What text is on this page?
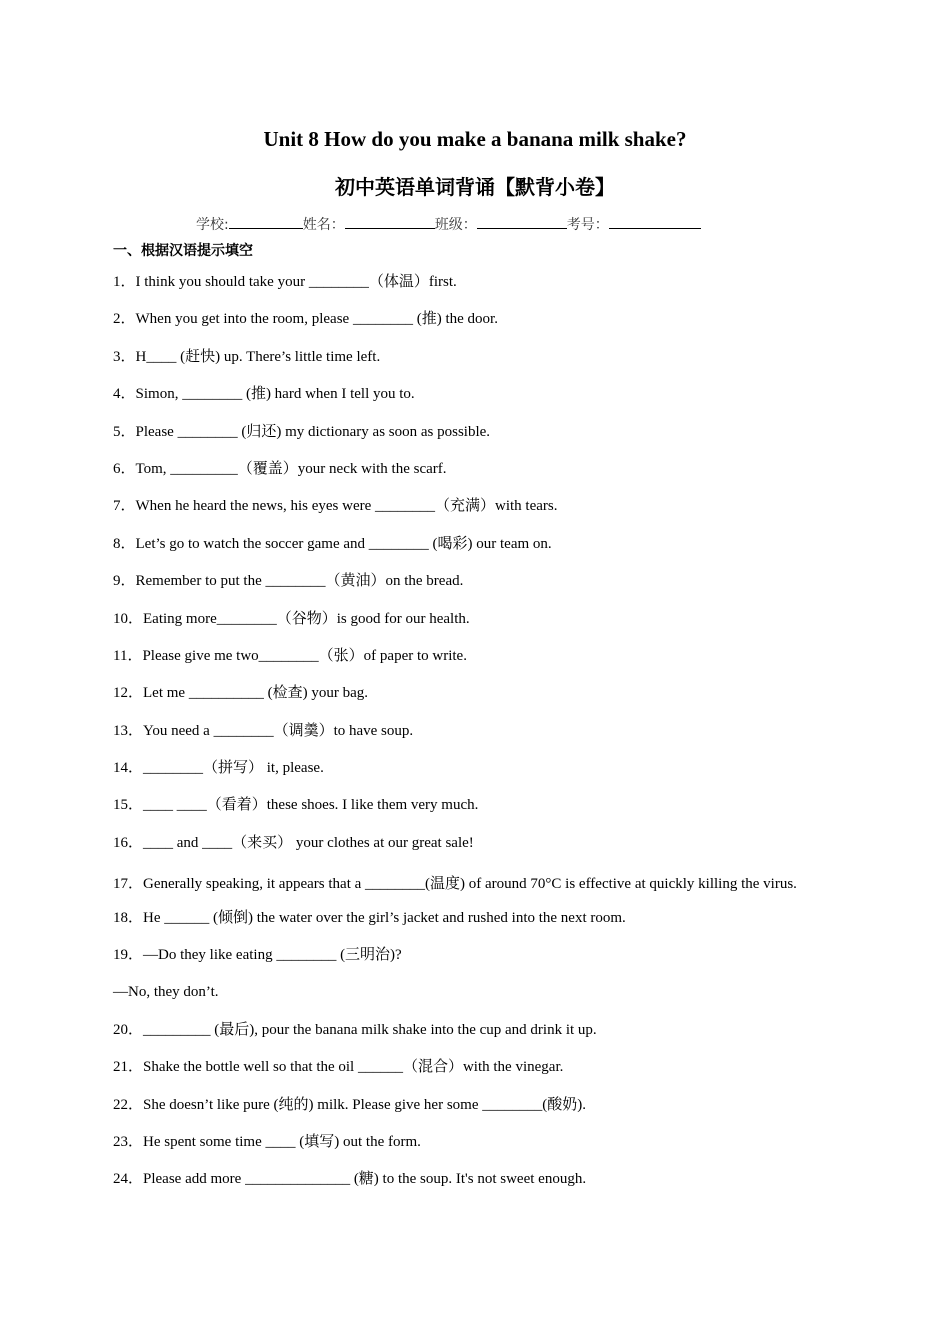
Unit 8 How do you make a banana milk shake?
初中英语单词背诵【默背小卷】
学校:	姓名：	班级：	考号：
一、根据汉语提示填空
1．I think you should take your ________（体温）first.
2．When you get into the room, please ________ (推) the door.
3．H____ (赶快) up. There’s little time left.
4．Simon, ________ (推) hard when I tell you to.
5．Please ________ (归还) my dictionary as soon as possible.
6．Tom, _________（覆盖）your neck with the scarf.
7．When he heard the news, his eyes were ________（充满）with tears.
8．Let’s go to watch the soccer game and ________ (喝彩) our team on.
9．Remember to put the ________（黄油）on the bread.
10．Eating more________（谷物）is good for our health.
11．Please give me two________（张）of paper to write.
12．Let me __________ (检查) your bag.
13．You need a ________（调羹）to have soup.
14．________（拼写） it, please.
15．____ ____（看着）these shoes. I like them very much.
16．____ and ____（来买） your clothes at our great sale!
17．Generally speaking, it appears that a ________(温度) of around 70°C is effective at quickly killing the virus.
18．He ______ (倾倒) the water over the girl’s jacket and rushed into the next room.
19．—Do they like eating ________ (三明治)?
—No, they don’t.
20．_________ (最后), pour the banana milk shake into the cup and drink it up.
21．Shake the bottle well so that the oil ______（混合）with the vinegar.
22．She doesn’t like pure (纯的) milk. Please give her some ________(酸奶).
23．He spent some time ____ (填写) out the form.
24．Please add more ______________ (糖) to the soup. It's not sweet enough.
